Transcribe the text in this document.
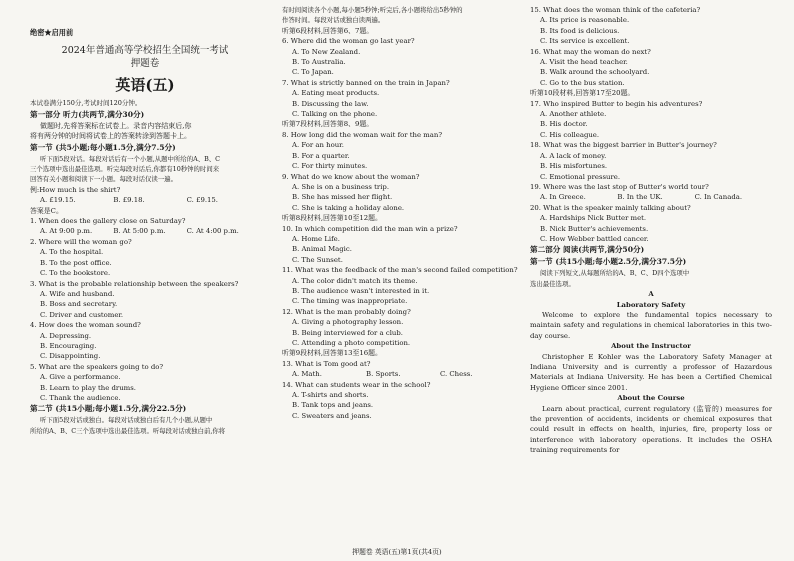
绝密★启用前
2024年普通高等学校招生全国统一考试
押题卷
英语(五)
本试卷满分150分,考试时间120分钟。
第一部分 听力(共两节,满分30分)
做题时,先将答案标在试卷上。录音内容结束后,你
将有两分钟的时间将试卷上的答案转涂到答题卡上。
第一节 (共5小题;每小题1.5分,满分7.5分)
听下面5段对话。每段对话后有一个小题,从题中所给的A、B、C
三个选项中选出最佳选项。听完每段对话后,你都有10秒钟的时间来
回答有关小题和阅读下一小题。每段对话仅读一遍。
例:How much is the shirt?
A. £19.15.	B. £9.18.	C. £9.15.
答案是C。
1. When does the gallery close on Saturday?
A. At 9:00 p.m.	B. At 5:00 p.m.	C. At 4:00 p.m.
2. Where will the woman go?
A. To the hospital.
B. To the post office.
C. To the bookstore.
3. What is the probable relationship between the speakers?
A. Wife and husband.
B. Boss and secretary.
C. Driver and customer.
4. How does the woman sound?
A. Depressing.
B. Encouraging.
C. Disappointing.
5. What are the speakers going to do?
A. Give a performance.
B. Learn to play the drums.
C. Thank the audience.
第二节 (共15小题;每小题1.5分,满分22.5分)
听下面5段对话或独白。每段对话或独白后有几个小题,从题中
所给的A、B、C三个选项中选出最佳选项。听每段对话或独白前,你将
有时间阅读各个小题,每小题5秒钟;听完后,各小题将给出5秒钟的
作答时间。每段对话或独白读两遍。
听第6段材料,回答第6、7题。
6. Where did the woman go last year?
A. To New Zealand.
B. To Australia.
C. To Japan.
7. What is strictly banned on the train in Japan?
A. Eating meat products.
B. Discussing the law.
C. Talking on the phone.
听第7段材料,回答第8、9题。
8. How long did the woman wait for the man?
A. For an hour.
B. For a quarter.
C. For thirty minutes.
9. What do we know about the woman?
A. She is on a business trip.
B. She has missed her flight.
C. She is taking a holiday alone.
听第8段材料,回答第10至12题。
10. In which competition did the man win a prize?
A. Home Life.
B. Animal Magic.
C. The Sunset.
11. What was the feedback of the man's second failed competition?
A. The color didn't match its theme.
B. The audience wasn't interested in it.
C. The timing was inappropriate.
12. What is the man probably doing?
A. Giving a photography lesson.
B. Being interviewed for a club.
C. Attending a photo competition.
听第9段材料,回答第13至16题。
13. What is Tom good at?
A. Math.	B. Sports.	C. Chess.
14. What can students wear in the school?
A. T-shirts and shorts.
B. Tank tops and jeans.
C. Sweaters and jeans.
15. What does the woman think of the cafeteria?
A. Its price is reasonable.
B. Its food is delicious.
C. Its service is excellent.
16. What may the woman do next?
A. Visit the head teacher.
B. Walk around the schoolyard.
C. Go to the bus station.
听第10段材料,回答第17至20题。
17. Who inspired Butter to begin his adventures?
A. Another athlete.
B. His doctor.
C. His colleague.
18. What was the biggest barrier in Butter's journey?
A. A lack of money.
B. His misfortunes.
C. Emotional pressure.
19. Where was the last stop of Butter's world tour?
A. In Greece.	B. In the UK.	C. In Canada.
20. What is the speaker mainly talking about?
A. Hardships Nick Butter met.
B. Nick Butter's achievements.
C. How Webber battled cancer.
第二部分 阅读(共两节,满分50分)
第一节 (共15小题;每小题2.5分,满分37.5分)
阅读下列短文,从每题所给的A、B、C、D四个选项中
选出最佳选项。
A
Laboratory Safety
Welcome to explore the fundamental topics necessary to maintain safety and regulations in chemical laboratories in this two-day course.
About the Instructor
Christopher E Kohler was the Laboratory Safety Manager at Indiana University and is currently a professor of Hazardous Materials at Indiana University. He has been a Certified Chemical Hygiene Officer since 2001.
About the Course
Learn about practical, current regulatory (监管的) measures for the prevention of accidents, incidents or chemical exposures that could result in effects on health, injuries, fire, property loss or interference with laboratory operations. It includes the OSHA training requirements for
押题卷 英语(五)第1页(共4页)
